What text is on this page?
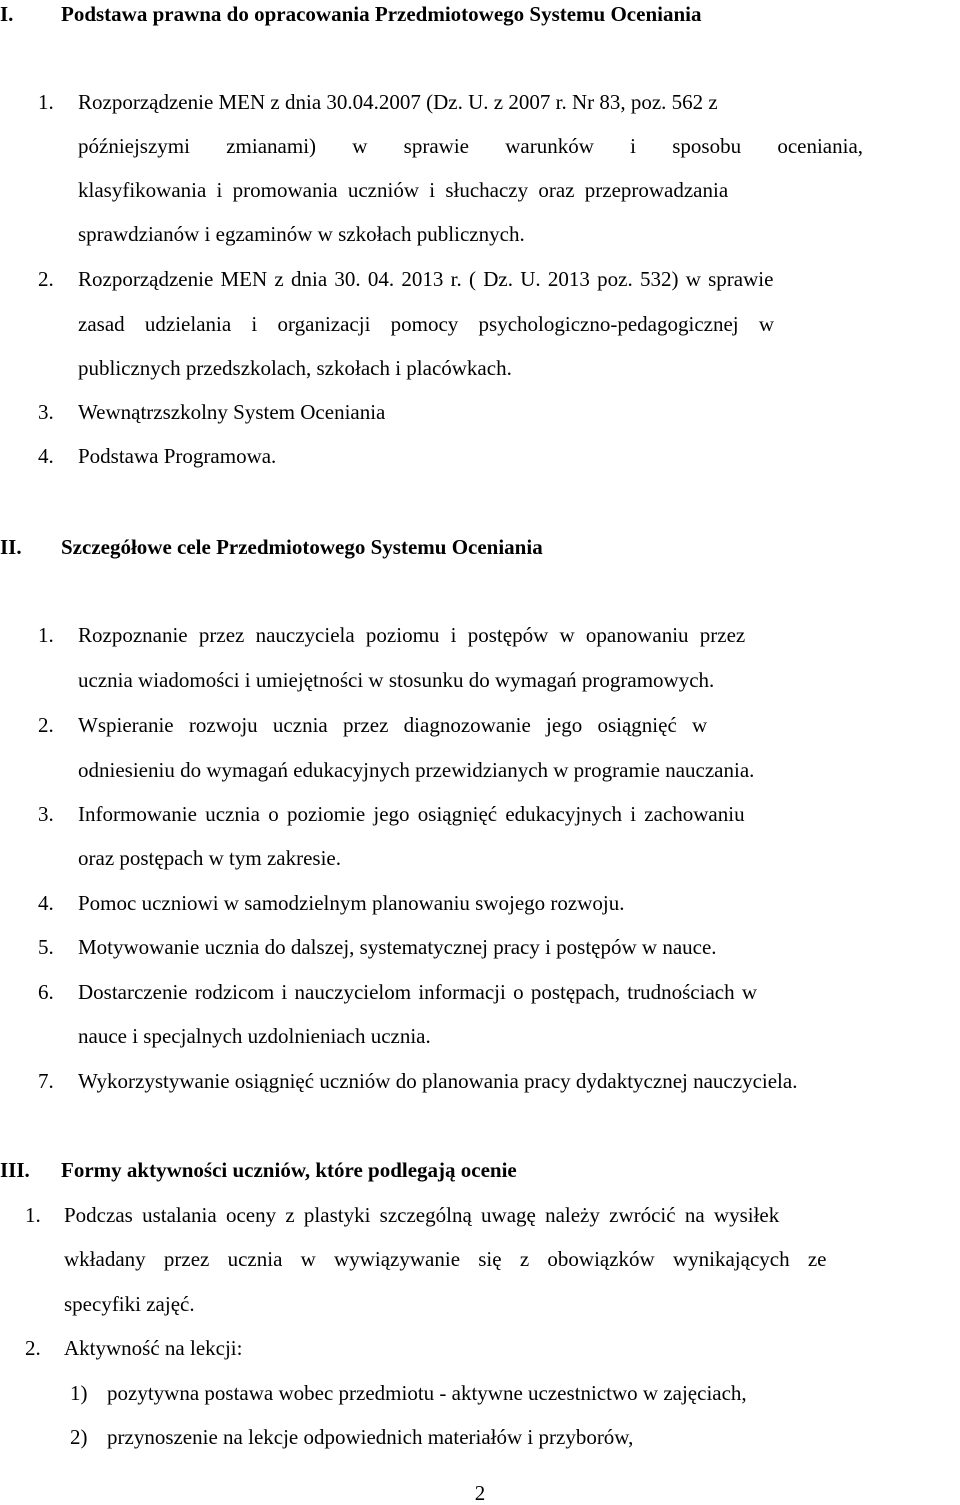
I. Podstawa prawna do opracowania Przedmiotowego Systemu Oceniania
1. Rozporządzenie MEN z dnia 30.04.2007 (Dz. U. z 2007 r. Nr 83, poz. 562 z
późniejszymi zmianami) w sprawie warunków i sposobu oceniania,
klasyfikowania i promowania uczniów i słuchaczy oraz przeprowadzania
sprawdzianów i egzaminów w szkołach publicznych.
2. Rozporządzenie MEN z dnia 30. 04. 2013 r. ( Dz. U. 2013 poz. 532) w sprawie
zasad udzielania i organizacji pomocy psychologiczno-pedagogicznej w
publicznych przedszkolach, szkołach i placówkach.
3. Wewnątrzszkolny System Oceniania
4. Podstawa Programowa.
II. Szczegółowe cele Przedmiotowego Systemu Oceniania
1. Rozpoznanie przez nauczyciela poziomu i postępów w opanowaniu przez
ucznia wiadomości i umiejętności w stosunku do wymagań programowych.
2. Wspieranie rozwoju ucznia przez diagnozowanie jego osiągnięć w
odniesieniu do wymagań edukacyjnych przewidzianych w programie nauczania.
3. Informowanie ucznia o poziomie jego osiągnięć edukacyjnych i zachowaniu
oraz postępach w tym zakresie.
4. Pomoc uczniowi w samodzielnym planowaniu swojego rozwoju.
5. Motywowanie ucznia do dalszej, systematycznej pracy i postępów w nauce.
6. Dostarczenie rodzicom i nauczycielom informacji o postępach, trudnościach w
nauce i specjalnych uzdolnieniach ucznia.
7. Wykorzystywanie osiągnięć uczniów do planowania pracy dydaktycznej nauczyciela.
III. Formy aktywności uczniów, które podlegają ocenie
1. Podczas ustalania oceny z plastyki szczególną uwagę należy zwrócić na wysiłek
wkładany przez ucznia w wywiązywanie się z obowiązków wynikających ze
specyfiki zajęć.
2. Aktywność na lekcji:
1) pozytywna postawa wobec przedmiotu - aktywne uczestnictwo w zajęciach,
2) przynoszenie na lekcje odpowiednich materiałów i przyborów,
2
